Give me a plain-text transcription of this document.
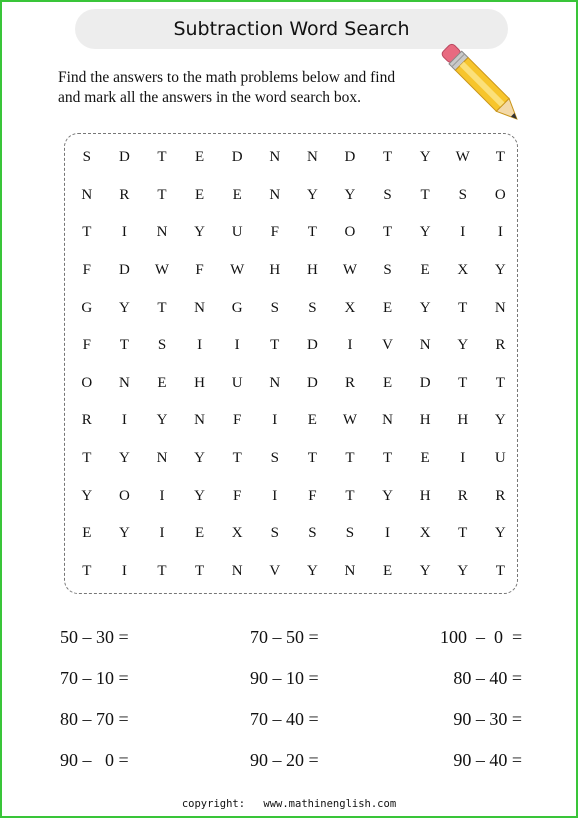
Subtraction Word Search
Find the answers to the math problems below and find
and mark all the answers in the word search box.
S	D	T	E	D	N	N	D	T	Y	W	T
N	R	T	E	E	N	Y	Y	S	T	S	O
T	I	N	Y	U	F	T	O	T	Y	I	I
F	D	W	F	W	H	H	W	S	E	X	Y
G	Y	T	N	G	S	S	X	E	Y	T	N
F	T	S	I	I	T	D	I	V	N	Y	R
O	N	E	H	U	N	D	R	E	D	T	T
R	I	Y	N	F	I	E	W	N	H	H	Y
T	Y	N	Y	T	S	T	T	T	E	I	U
Y	O	I	Y	F	I	F	T	Y	H	R	R
E	Y	I	E	X	S	S	S	I	X	T	Y
T	I	T	T	N	V	Y	N	E	Y	Y	T
50 – 30 =	70 – 50 =	100  –  0  =
70 – 10 =	90 – 10 =	80 – 40 =
80 – 70 =	70 – 40 =	90 – 30 =
90 –   0 =	90 – 20 =	90 – 40 =
copyright: www.mathinenglish.com
